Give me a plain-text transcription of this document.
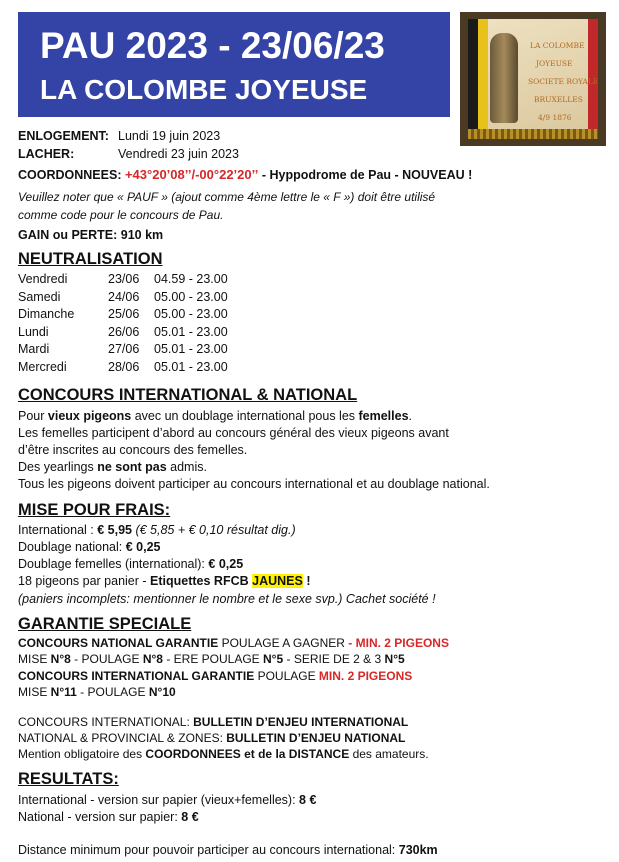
PAU 2023 - 23/06/23
LA COLOMBE JOYEUSE
LA COLOMBE
JOYEUSE
SOCIETE ROYALE
BRUXELLES
4/9 1876
ENLOGEMENT: Lundi 19 juin 2023
LACHER:	Vendredi 23 juin 2023
COORDONNEES: +43°20’08’’/-00°22’20’’ - Hyppodrome de Pau - NOUVEAU !
Veuillez noter que « PAUF » (ajout comme 4ème lettre le « F ») doit être utilisé
comme code pour le concours de Pau.
GAIN ou PERTE: 910 km
NEUTRALISATION
Vendredi	23/06 04.59 - 23.00
Samedi	24/06 05.00 - 23.00
Dimanche	25/06 05.00 - 23.00
Lundi	26/06 05.01 - 23.00
Mardi	27/06 05.01 - 23.00
Mercredi	28/06 05.01 - 23.00
CONCOURS INTERNATIONAL & NATIONAL
Pour vieux pigeons avec un doublage international pous les femelles.
Les femelles participent d’abord au concours général des vieux pigeons avant
d’être inscrites au concours des femelles.
Des yearlings ne sont pas admis.
Tous les pigeons doivent participer au concours international et au doublage national.
MISE POUR FRAIS:
International : € 5,95 (€ 5,85 + € 0,10 résultat dig.)
Doublage national: € 0,25
Doublage femelles (international): € 0,25
18 pigeons par panier - Etiquettes RFCB JAUNES !
(paniers incomplets: mentionner le nombre et le sexe svp.) Cachet société !
GARANTIE SPECIALE
CONCOURS NATIONAL GARANTIE POULAGE A GAGNER - MIN. 2 PIGEONS
MISE N°8 - POULAGE N°8 - ERE POULAGE N°5 - SERIE DE 2 & 3 N°5
CONCOURS INTERNATIONAL GARANTIE POULAGE MIN. 2 PIGEONS
MISE N°11 - POULAGE N°10
CONCOURS INTERNATIONAL: BULLETIN D’ENJEU INTERNATIONAL
NATIONAL & PROVINCIAL & ZONES: BULLETIN D’ENJEU NATIONAL
Mention obligatoire des COORDONNEES et de la DISTANCE des amateurs.
RESULTATS:
International - version sur papier (vieux+femelles): 8 €
National - version sur papier: 8 €
Distance minimum pour pouvoir participer au concours international: 730km
